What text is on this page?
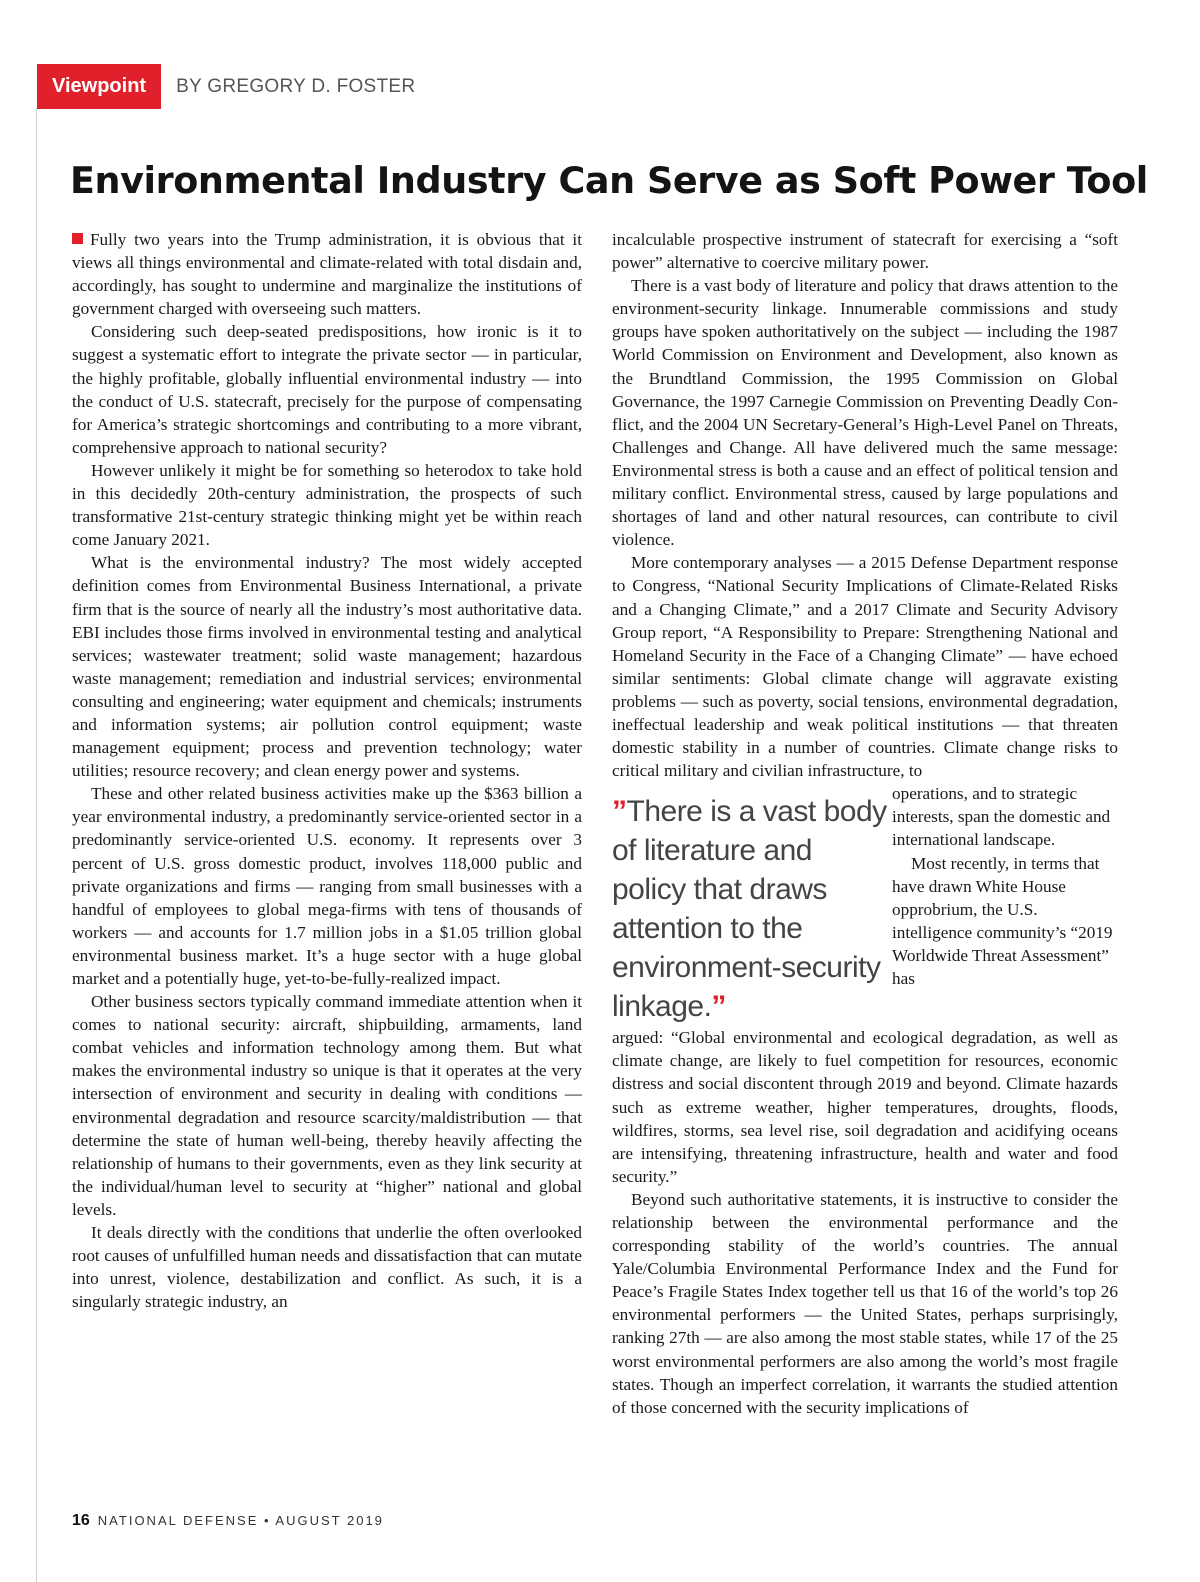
Viewpoint	BY GREGORY D. FOSTER
Environmental Industry Can Serve as Soft Power Tool

Fully two years into the Trump administration, it is obvious that it views all things environmental and climate-related with total disdain and, accordingly, has sought to undermine and marginalize the institutions of government charged with overseeing such matters.

Considering such deep-seated predispositions, how ironic is it to suggest a systematic effort to integrate the private sector — in particular, the highly profitable, globally influential environmental industry — into the conduct of U.S. statecraft, precisely for the purpose of compensating for America’s strategic shortcomings and contributing to a more vibrant, comprehensive approach to national security?

However unlikely it might be for something so heterodox to take hold in this decidedly 20th-century administration, the prospects of such transformative 21st-century strategic thinking might yet be within reach come January 2021.

What is the environmental industry? The most widely accepted definition comes from Environmental Business International, a private firm that is the source of nearly all the industry’s most authoritative data. EBI includes those firms involved in environmental testing and analytical services; wastewater treatment; solid waste management; hazardous waste management; remediation and industrial services; environmental consulting and engineering; water equipment and chemicals; instruments and information systems; air pollution control equipment; waste management equipment; process and prevention technology; water utilities; resource recovery; and clean energy power and systems.

These and other related business activities make up the $363 billion a year environmental industry, a predominantly service-oriented sector in a predominantly service-oriented U.S. economy. It represents over 3 percent of U.S. gross domestic product, involves 118,000 public and private organizations and firms — ranging from small businesses with a handful of employees to global mega-firms with tens of thousands of workers — and accounts for 1.7 million jobs in a $1.05 trillion global environmental business market. It’s a huge sector with a huge global market and a potentially huge, yet-to-be-fully-realized impact.

Other business sectors typically command immediate attention when it comes to national security: aircraft, shipbuilding, armaments, land combat vehicles and information technology among them. But what makes the environmental industry so unique is that it operates at the very intersection of environment and security in dealing with conditions — environmental degradation and resource scarcity/maldistribution — that determine the state of human well-being, thereby heavily affecting the relationship of humans to their governments, even as they link security at the individual/human level to security at “higher” national and global levels.

It deals directly with the conditions that underlie the often overlooked root causes of unfulfilled human needs and dissatisfaction that can mutate into unrest, violence, destabilization and conflict. As such, it is a singularly strategic industry, an

incalculable prospective instrument of statecraft for exercising a “soft power” alternative to coercive military power.

There is a vast body of literature and policy that draws attention to the environment-security linkage. Innumerable commissions and study groups have spoken authoritatively on the subject — including the 1987 World Commission on Environment and Development, also known as the Brundtland Commission, the 1995 Commission on Global Governance, the 1997 Carnegie Commission on Preventing Deadly Conflict, and the 2004 UN Secretary-General’s High-Level Panel on Threats, Challenges and Change. All have delivered much the same message: Environmental stress is both a cause and an effect of political tension and military conflict. Environmental stress, caused by large populations and shortages of land and other natural resources, can contribute to civil violence.

More contemporary analyses — a 2015 Defense Department response to Congress, “National Security Implications of Climate-Related Risks and a Changing Climate,” and a 2017 Climate and Security Advisory Group report, “A Responsibility to Prepare: Strengthening National and Homeland Security in the Face of a Changing Climate” — have echoed similar sentiments: Global climate change will aggravate existing problems — such as poverty, social tensions, environmental degradation, ineffectual leadership and weak political institutions — that threaten domestic stability in a number of countries. Climate change risks to critical military and civilian infrastructure, to

”There is a vast body of literature and policy that draws attention to the environment-security linkage.”

operations, and to strategic interests, span the domestic and international landscape.

Most recently, in terms that have drawn White House opprobrium, the U.S. intelligence community’s “2019 Worldwide Threat Assessment” has

argued: “Global environmental and ecological degradation, as well as climate change, are likely to fuel competition for resources, economic distress and social discontent through 2019 and beyond. Climate hazards such as extreme weather, higher temperatures, droughts, floods, wildfires, storms, sea level rise, soil degradation and acidifying oceans are intensifying, threatening infrastructure, health and water and food security.”

Beyond such authoritative statements, it is instructive to consider the relationship between the environmental performance and the corresponding stability of the world’s countries. The annual Yale/Columbia Environmental Performance Index and the Fund for Peace’s Fragile States Index together tell us that 16 of the world’s top 26 environmental performers — the United States, perhaps surprisingly, ranking 27th — are also among the most stable states, while 17 of the 25 worst environmental performers are also among the world’s most fragile states. Though an imperfect correlation, it warrants the studied attention of those concerned with the security implications of

16 NATIONAL DEFENSE • AUGUST 2019
